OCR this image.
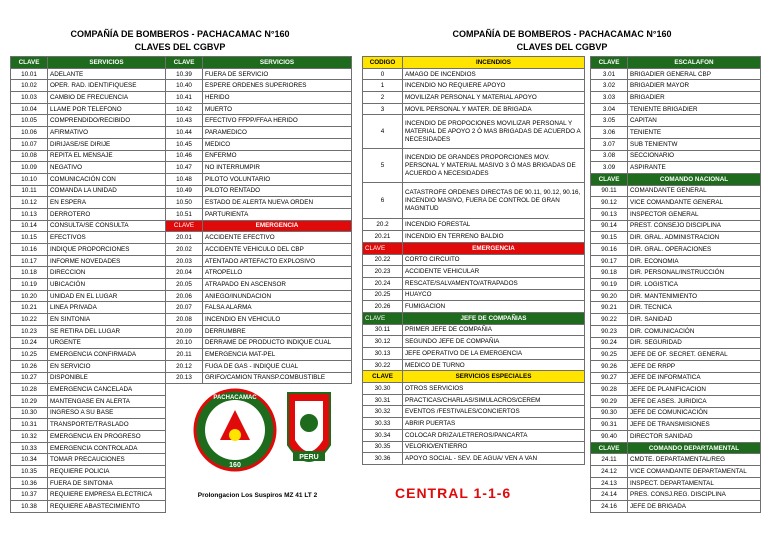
COMPAÑÍA DE BOMBEROS - PACHACAMAC N°160
CLAVES DEL CGBVP
COMPAÑÍA DE BOMBEROS - PACHACAMAC N°160
CLAVES DEL CGBVP
CLAVE	SERVICIOS	CLAVE	SERVICIOS
10.01	ADELANTE	10.39	FUERA DE SERVICIO
10.02	OPER. RAD. IDENTIFIQUESE	10.40	ESPERE ORDENES SUPERIORES
10.03	CAMBIO DE FRECUENCIA	10.41	HERIDO
10.04	LLAME POR TELEFONO	10.42	MUERTO
10.05	COMPRENDIDO/RECIBIDO	10.43	EFECTIVO FFPP/FFAA HERIDO
10.06	AFIRMATIVO	10.44	PARAMEDICO
10.07	DIRIJASE/SE DIRIJE	10.45	MEDICO
10.08	REPITA EL MENSAJE	10.46	ENFERMO
10.09	NEGATIVO	10.47	NO INTERRUMPIR
10.10	COMUNICACIÓN CON	10.48	PILOTO VOLUNTARIO
10.11	COMANDA LA UNIDAD	10.49	PILOTO RENTADO
10.12	EN ESPERA	10.50	ESTADO DE ALERTA NUEVA ORDEN
10.13	DERROTERO	10.51	PARTURIENTA
10.14	CONSULTA/SE CONSULTA	CLAVE	EMERGENCIA
10.15	EFECTIVOS	20.01	ACCIDENTE EFECTIVO
10.16	INDIQUE PROPORCIONES	20.02	ACCIDENTE VEHICULO DEL CBP
10.17	INFORME NOVEDADES	20.03	ATENTADO ARTEFACTO EXPLOSIVO
10.18	DIRECCION	20.04	ATROPELLO
10.19	UBICACIÓN	20.05	ATRAPADO EN ASCENSOR
10.20	UNIDAD EN EL LUGAR	20.06	ANIEGO/INUNDACION
10.21	LINEA PRIVADA	20.07	FALSA ALARMA
10.22	EN SINTONIA	20.08	INCENDIO EN VEHICULO
10.23	SE RETIRA DEL LUGAR	20.09	DERRUMBRE
10.24	URGENTE	20.10	DERRAME DE PRODUCTO INDIQUE CUAL
10.25	EMERGENCIA CONFIRMADA	20.11	EMERGENCIA MAT-PEL
10.26	EN SERVICIO	20.12	FUGA DE GAS - INDIQUE CUAL
10.27	DISPONIBLE	20.13	GRIFO/CAMION TRANSP.COMBUSTIBLE
10.28	EMERGENCIA CANCELADA		
10.29	MANTENGASE EN ALERTA		
10.30	INGRESO A SU BASE		
10.31	TRANSPORTE/TRASLADO		
10.32	EMERGENCIA EN PROGRESO		
10.33	EMERGENCIA CONTROLADA		
10.34	TOMAR PRECAUCIONES		
10.35	REQUIERE POLICIA		
10.36	FUERA DE SINTONIA		
10.37	REQUIERE EMPRESA ELECTRICA		
10.38	REQUIERE ABASTECIMIENTO		
CODIGO	INCENDIOS
0	AMAGO DE INCENDIOS
1	INCENDIO NO REQUIERE APOYO
2	MOVILIZAR PERSONAL Y MATERIAL APOYO
3	MOVIL PERSONAL Y MATER. DE BRIGADA
4	INCENDIO DE PROPOCIONES MOVILIZAR PERSONAL Y MATERIAL DE APOYO 2 Ó MAS BRIGADAS DE ACUERDO A NECESIDADES
5	INCENDIO DE GRANDES PROPORCIONES MOV. PERSONAL Y MATERIAL MASIVO 3 Ó MAS BRIGADAS DE ACUERDO A NECESIDADES
6	CATASTROFE ORDENES DIRECTAS DE 90.11, 90.12, 90.16, INCENDIO MASIVO, FUERA DE CONTROL DE GRAN MAGNITUD
20.2	INCENDIO FORESTAL
20.21	INCENDIO EN TERRENO BALDIO
CLAVE	EMERGENCIA
20.22	CORTO CIRCUITO
20.23	ACCIDENTE VEHICULAR
20.24	RESCATE/SALVAMENTO/ATRAPADOS
20.25	HUAYCO
20.26	FUMIGACION
CLAVE	JEFE DE COMPAÑIAS
30.11	PRIMER JEFE DE COMPAÑIA
30.12	SEGUNDO JEFE DE COMPAÑIA
30.13	JEFE OPERATIVO DE LA EMERGENCIA
30.22	MEDICO DE TURNO
CLAVE	SERVICIOS ESPECIALES
30.30	OTROS SERVICIOS
30.31	PRACTICAS/CHARLAS/SIMULACROS/CEREM
30.32	EVENTOS /FESTIVALES/CONCIERTOS
30.33	ABRIR PUERTAS
30.34	COLOCAR DRIZA/LETREROS/PANCARTA
30.35	VELORIO/ENTIERRO
30.36	APOYO SOCIAL - SEV. DE AGUA/ VEN A VAN
CLAVE	ESCALAFON
3.01	BRIGADIER GENERAL CBP
3.02	BRIGADIER MAYOR
3.03	BRIGADIER
3.04	TENIENTE BRIGADIER
3.05	CAPITAN
3.06	TENIENTE
3.07	SUB TENIENTW
3.08	SECCIONARIO
3.09	ASPIRANTE
CLAVE	COMANDO NACIONAL
90.11	COMANDANTE GENERAL
90.12	VICE COMANDANTE GENERAL
90.13	INSPECTOR GENERAL
90.14	PREST. CONSEJO DISCIPLINA
90.15	DIR. GRAL. ADMINISTRACION
90.16	DIR. GRAL. OPERACIONES
90.17	DIR. ECONOMIA
90.18	DIR. PERSONAL/INSTRUCCIÓN
90.19	DIR. LOGISTICA
90.20	DIR. MANTENIMIENTO
90.21	DIR. TECNICA
90.22	DIR. SANIDAD
90.23	DIR. COMUNICACIÓN
90.24	DIR. SEGURIDAD
90.25	JEFE DE OF. SECRET. GENERAL
90.26	JEFE DE RRPP
90.27	JEFE DE INFORMATICA
90.28	JEFE DE PLANIFICACION
90.29	JEFE DE ASES. JURIDICA
90.30	JEFE DE COMUNICACIÓN
90.31	JEFE DE TRANSMISIONES
90.40	DIRECTOR SANIDAD
CLAVE	COMANDO DEPARTAMENTAL
24.11	CMDTE. DEPARTAMENTAL/REG
24.12	VICE COMANDANTE DEPARTAMENTAL
24.13	INSPECT. DEPARTAMENTAL
24.14	PRES. CONSJ.REG. DISCIPLINA
24.16	JEFE DE BRIGADA
PACHACAMAC
160
PERU
Prolongacion Los Suspiros MZ 41 LT 2	CENTRAL 1-1-6
